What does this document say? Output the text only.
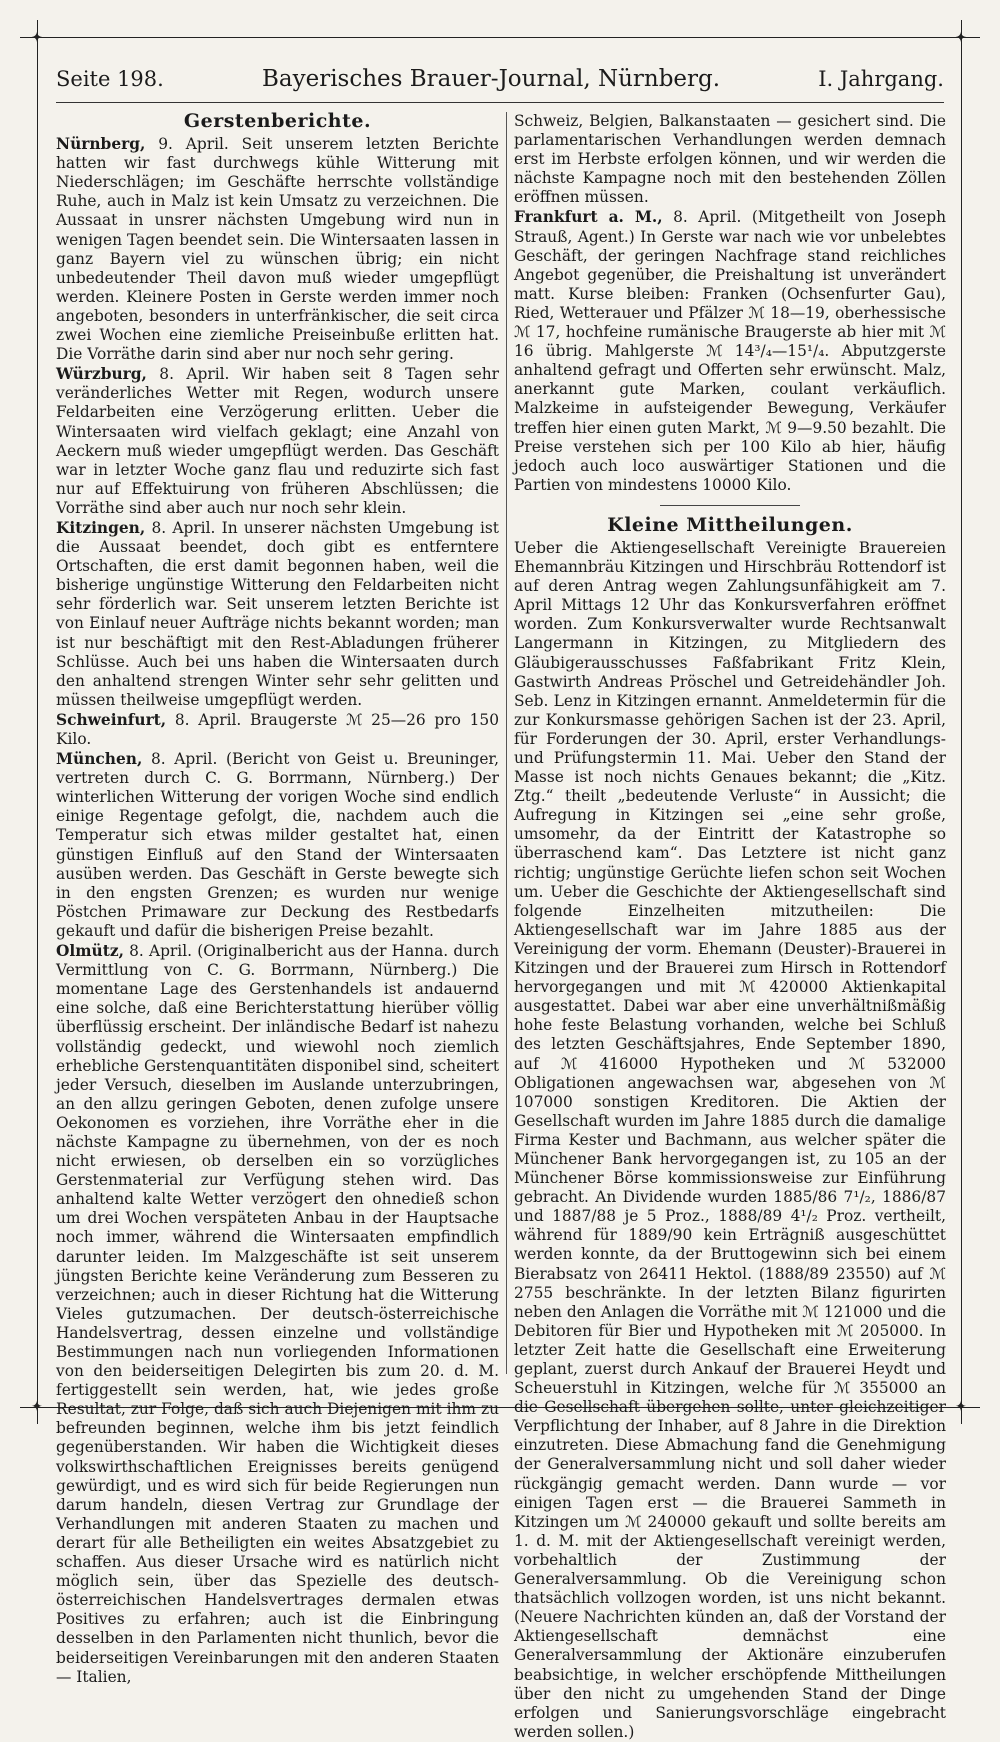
✦	✦
✦	✦
Seite 198.	Bayerisches Brauer-Journal, Nürnberg.	I. Jahrgang.
Gerstenberichte.

Nürnberg, 9. April. Seit unserem letzten Berichte hatten wir fast durchwegs kühle Witterung mit Niederschlägen; im Geschäfte herrschte vollständige Ruhe, auch in Malz ist kein Umsatz zu verzeichnen. Die Aussaat in unsrer nächsten Umgebung wird nun in wenigen Tagen beendet sein. Die Wintersaaten lassen in ganz Bayern viel zu wünschen übrig; ein nicht unbedeutender Theil davon muß wieder umgepflügt werden. Kleinere Posten in Gerste werden immer noch angeboten, besonders in unterfränkischer, die seit circa zwei Wochen eine ziemliche Preiseinbuße erlitten hat. Die Vorräthe darin sind aber nur noch sehr gering.

Würzburg, 8. April. Wir haben seit 8 Tagen sehr veränderliches Wetter mit Regen, wodurch unsere Feldarbeiten eine Verzögerung erlitten. Ueber die Wintersaaten wird vielfach geklagt; eine Anzahl von Aeckern muß wieder umgepflügt werden. Das Geschäft war in letzter Woche ganz flau und reduzirte sich fast nur auf Effektuirung von früheren Abschlüssen; die Vorräthe sind aber auch nur noch sehr klein.

Kitzingen, 8. April. In unserer nächsten Umgebung ist die Aussaat beendet, doch gibt es entferntere Ortschaften, die erst damit begonnen haben, weil die bisherige ungünstige Witterung den Feldarbeiten nicht sehr förderlich war. Seit unserem letzten Berichte ist von Einlauf neuer Aufträge nichts bekannt worden; man ist nur beschäftigt mit den Rest-Abladungen früherer Schlüsse. Auch bei uns haben die Wintersaaten durch den anhaltend strengen Winter sehr sehr gelitten und müssen theilweise umgepflügt werden.

Schweinfurt, 8. April. Braugerste ℳ 25—26 pro 150 Kilo.

München, 8. April. (Bericht von Geist u. Breuninger, vertreten durch C. G. Borrmann, Nürnberg.) Der winterlichen Witterung der vorigen Woche sind endlich einige Regentage gefolgt, die, nachdem auch die Temperatur sich etwas milder gestaltet hat, einen günstigen Einfluß auf den Stand der Wintersaaten ausüben werden. Das Geschäft in Gerste bewegte sich in den engsten Grenzen; es wurden nur wenige Pöstchen Primaware zur Deckung des Restbedarfs gekauft und dafür die bisherigen Preise bezahlt.

Olmütz, 8. April. (Originalbericht aus der Hanna. durch Vermittlung von C. G. Borrmann, Nürnberg.) Die momentane Lage des Gerstenhandels ist andauernd eine solche, daß eine Berichterstattung hierüber völlig überflüssig erscheint. Der inländische Bedarf ist nahezu vollständig gedeckt, und wiewohl noch ziemlich erhebliche Gerstenquantitäten disponibel sind, scheitert jeder Versuch, dieselben im Auslande unterzubringen, an den allzu geringen Geboten, denen zufolge unsere Oekonomen es vorziehen, ihre Vorräthe eher in die nächste Kampagne zu übernehmen, von der es noch nicht erwiesen, ob derselben ein so vorzügliches Gerstenmaterial zur Verfügung stehen wird. Das anhaltend kalte Wetter verzögert den ohnedieß schon um drei Wochen verspäteten Anbau in der Hauptsache noch immer, während die Wintersaaten empfindlich darunter leiden. Im Malzgeschäfte ist seit unserem jüngsten Berichte keine Veränderung zum Besseren zu verzeichnen; auch in dieser Richtung hat die Witterung Vieles gutzumachen. Der deutsch-österreichische Handelsvertrag, dessen einzelne und vollständige Bestimmungen nach nun vorliegenden Informationen von den beiderseitigen Delegirten bis zum 20. d. M. fertiggestellt sein werden, hat, wie jedes große Resultat, zur Folge, daß sich auch Diejenigen mit ihm zu befreunden beginnen, welche ihm bis jetzt feindlich gegenüberstanden. Wir haben die Wichtigkeit dieses volkswirthschaftlichen Ereignisses bereits genügend gewürdigt, und es wird sich für beide Regierungen nun darum handeln, diesen Vertrag zur Grundlage der Verhandlungen mit anderen Staaten zu machen und derart für alle Betheiligten ein weites Absatzgebiet zu schaffen. Aus dieser Ursache wird es natürlich nicht möglich sein, über das Spezielle des deutsch-österreichischen Handelsvertrages dermalen etwas Positives zu erfahren; auch ist die Einbringung desselben in den Parlamenten nicht thunlich, bevor die beiderseitigen Vereinbarungen mit den anderen Staaten — Italien,

Schweiz, Belgien, Balkanstaaten — gesichert sind. Die parlamentarischen Verhandlungen werden demnach erst im Herbste erfolgen können, und wir werden die nächste Kampagne noch mit den bestehenden Zöllen eröffnen müssen.

Frankfurt a. M., 8. April. (Mitgetheilt von Joseph Strauß, Agent.) In Gerste war nach wie vor unbelebtes Geschäft, der geringen Nachfrage stand reichliches Angebot gegenüber, die Preishaltung ist unverändert matt. Kurse bleiben: Franken (Ochsenfurter Gau), Ried, Wetterauer und Pfälzer ℳ 18—19, oberhessische ℳ 17, hochfeine rumänische Braugerste ab hier mit ℳ 16 übrig. Mahlgerste ℳ 14³/₄—15¹/₄. Abputzgerste anhaltend gefragt und Offerten sehr erwünscht. Malz, anerkannt gute Marken, coulant verkäuflich. Malzkeime in aufsteigender Bewegung, Verkäufer treffen hier einen guten Markt, ℳ 9—9.50 bezahlt. Die Preise verstehen sich per 100 Kilo ab hier, häufig jedoch auch loco auswärtiger Stationen und die Partien von mindestens 10000 Kilo.

Kleine Mittheilungen.

Ueber die Aktiengesellschaft Vereinigte Brauereien Ehemannbräu Kitzingen und Hirschbräu Rottendorf ist auf deren Antrag wegen Zahlungsunfähigkeit am 7. April Mittags 12 Uhr das Konkursverfahren eröffnet worden. Zum Konkursverwalter wurde Rechtsanwalt Langermann in Kitzingen, zu Mitgliedern des Gläubigerausschusses Faßfabrikant Fritz Klein, Gastwirth Andreas Pröschel und Getreidehändler Joh. Seb. Lenz in Kitzingen ernannt. Anmeldetermin für die zur Konkursmasse gehörigen Sachen ist der 23. April, für Forderungen der 30. April, erster Verhandlungs- und Prüfungstermin 11. Mai. Ueber den Stand der Masse ist noch nichts Genaues bekannt; die „Kitz. Ztg.“ theilt „bedeutende Verluste“ in Aussicht; die Aufregung in Kitzingen sei „eine sehr große, umsomehr, da der Eintritt der Katastrophe so überraschend kam“. Das Letztere ist nicht ganz richtig; ungünstige Gerüchte liefen schon seit Wochen um. Ueber die Geschichte der Aktiengesellschaft sind folgende Einzelheiten mitzutheilen: Die Aktiengesellschaft war im Jahre 1885 aus der Vereinigung der vorm. Ehemann (Deuster)-Brauerei in Kitzingen und der Brauerei zum Hirsch in Rottendorf hervorgegangen und mit ℳ 420000 Aktienkapital ausgestattet. Dabei war aber eine unverhältnißmäßig hohe feste Belastung vorhanden, welche bei Schluß des letzten Geschäftsjahres, Ende September 1890, auf ℳ 416000 Hypotheken und ℳ 532000 Obligationen angewachsen war, abgesehen von ℳ 107000 sonstigen Kreditoren. Die Aktien der Gesellschaft wurden im Jahre 1885 durch die damalige Firma Kester und Bachmann, aus welcher später die Münchener Bank hervorgegangen ist, zu 105 an der Münchener Börse kommissionsweise zur Einführung gebracht. An Dividende wurden 1885/86 7¹/₂, 1886/87 und 1887/88 je 5 Proz., 1888/89 4¹/₂ Proz. vertheilt, während für 1889/90 kein Erträgniß ausgeschüttet werden konnte, da der Bruttogewinn sich bei einem Bierabsatz von 26411 Hektol. (1888/89 23550) auf ℳ 2755 beschränkte. In der letzten Bilanz figurirten neben den Anlagen die Vorräthe mit ℳ 121000 und die Debitoren für Bier und Hypotheken mit ℳ 205000. In letzter Zeit hatte die Gesellschaft eine Erweiterung geplant, zuerst durch Ankauf der Brauerei Heydt und Scheuerstuhl in Kitzingen, welche für ℳ 355000 an die Gesellschaft übergehen sollte, unter gleichzeitiger Verpflichtung der Inhaber, auf 8 Jahre in die Direktion einzutreten. Diese Abmachung fand die Genehmigung der Generalversammlung nicht und soll daher wieder rückgängig gemacht werden. Dann wurde — vor einigen Tagen erst — die Brauerei Sammeth in Kitzingen um ℳ 240000 gekauft und sollte bereits am 1. d. M. mit der Aktiengesellschaft vereinigt werden, vorbehaltlich der Zustimmung der Generalversammlung. Ob die Vereinigung schon thatsächlich vollzogen worden, ist uns nicht bekannt. (Neuere Nachrichten künden an, daß der Vorstand der Aktiengesellschaft demnächst eine Generalversammlung der Aktionäre einzuberufen beabsichtige, in welcher erschöpfende Mittheilungen über den nicht zu umgehenden Stand der Dinge erfolgen und Sanierungsvorschläge eingebracht werden sollen.)
